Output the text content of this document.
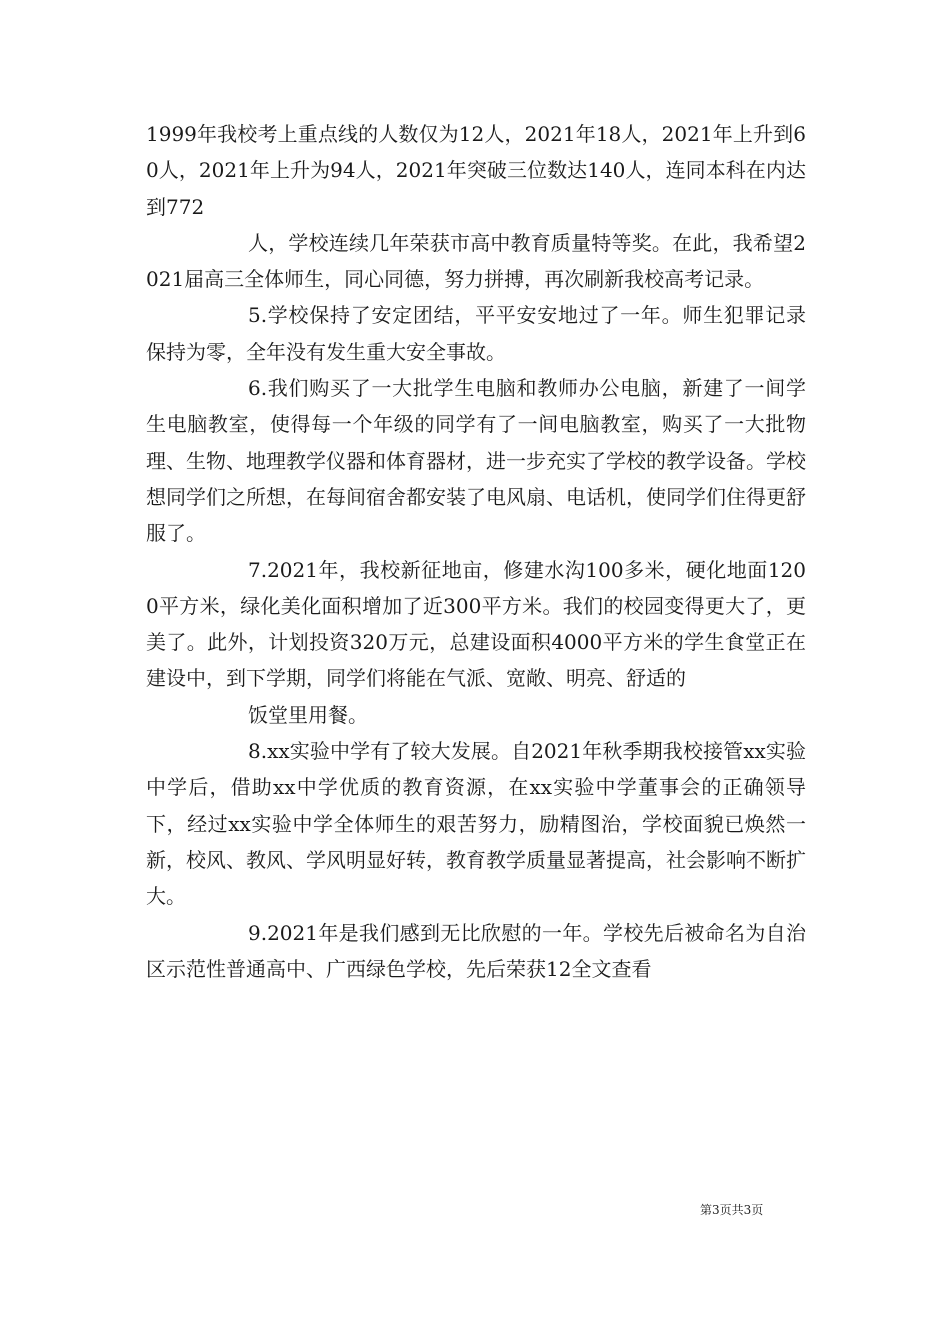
1999年我校考上重点线的人数仅为12人，2021年18人，2021年上升到60人，2021年上升为94人，2021年突破三位数达140人，连同本科在内达到772

人，学校连续几年荣获市高中教育质量特等奖。在此，我希望2021届高三全体师生，同心同德，努力拼搏，再次刷新我校高考记录。

5.学校保持了安定团结，平平安安地过了一年。师生犯罪记录保持为零，全年没有发生重大安全事故。

6.我们购买了一大批学生电脑和教师办公电脑，新建了一间学生电脑教室，使得每一个年级的同学有了一间电脑教室，购买了一大批物理、生物、地理教学仪器和体育器材，进一步充实了学校的教学设备。学校想同学们之所想，在每间宿舍都安装了电风扇、电话机，使同学们住得更舒服了。

7.2021年，我校新征地亩，修建水沟100多米，硬化地面1200平方米，绿化美化面积增加了近300平方米。我们的校园变得更大了，更美了。此外，计划投资320万元，总建设面积4000平方米的学生食堂正在建设中，到下学期，同学们将能在气派、宽敞、明亮、舒适的

饭堂里用餐。

8.xx实验中学有了较大发展。自2021年秋季期我校接管xx实验中学后，借助xx中学优质的教育资源，在xx实验中学董事会的正确领导下，经过xx实验中学全体师生的艰苦努力，励精图治，学校面貌已焕然一新，校风、教风、学风明显好转，教育教学质量显著提高，社会影响不断扩大。

9.2021年是我们感到无比欣慰的一年。学校先后被命名为自治区示范性普通高中、广西绿色学校，先后荣获12全文查看

第3页共3页
